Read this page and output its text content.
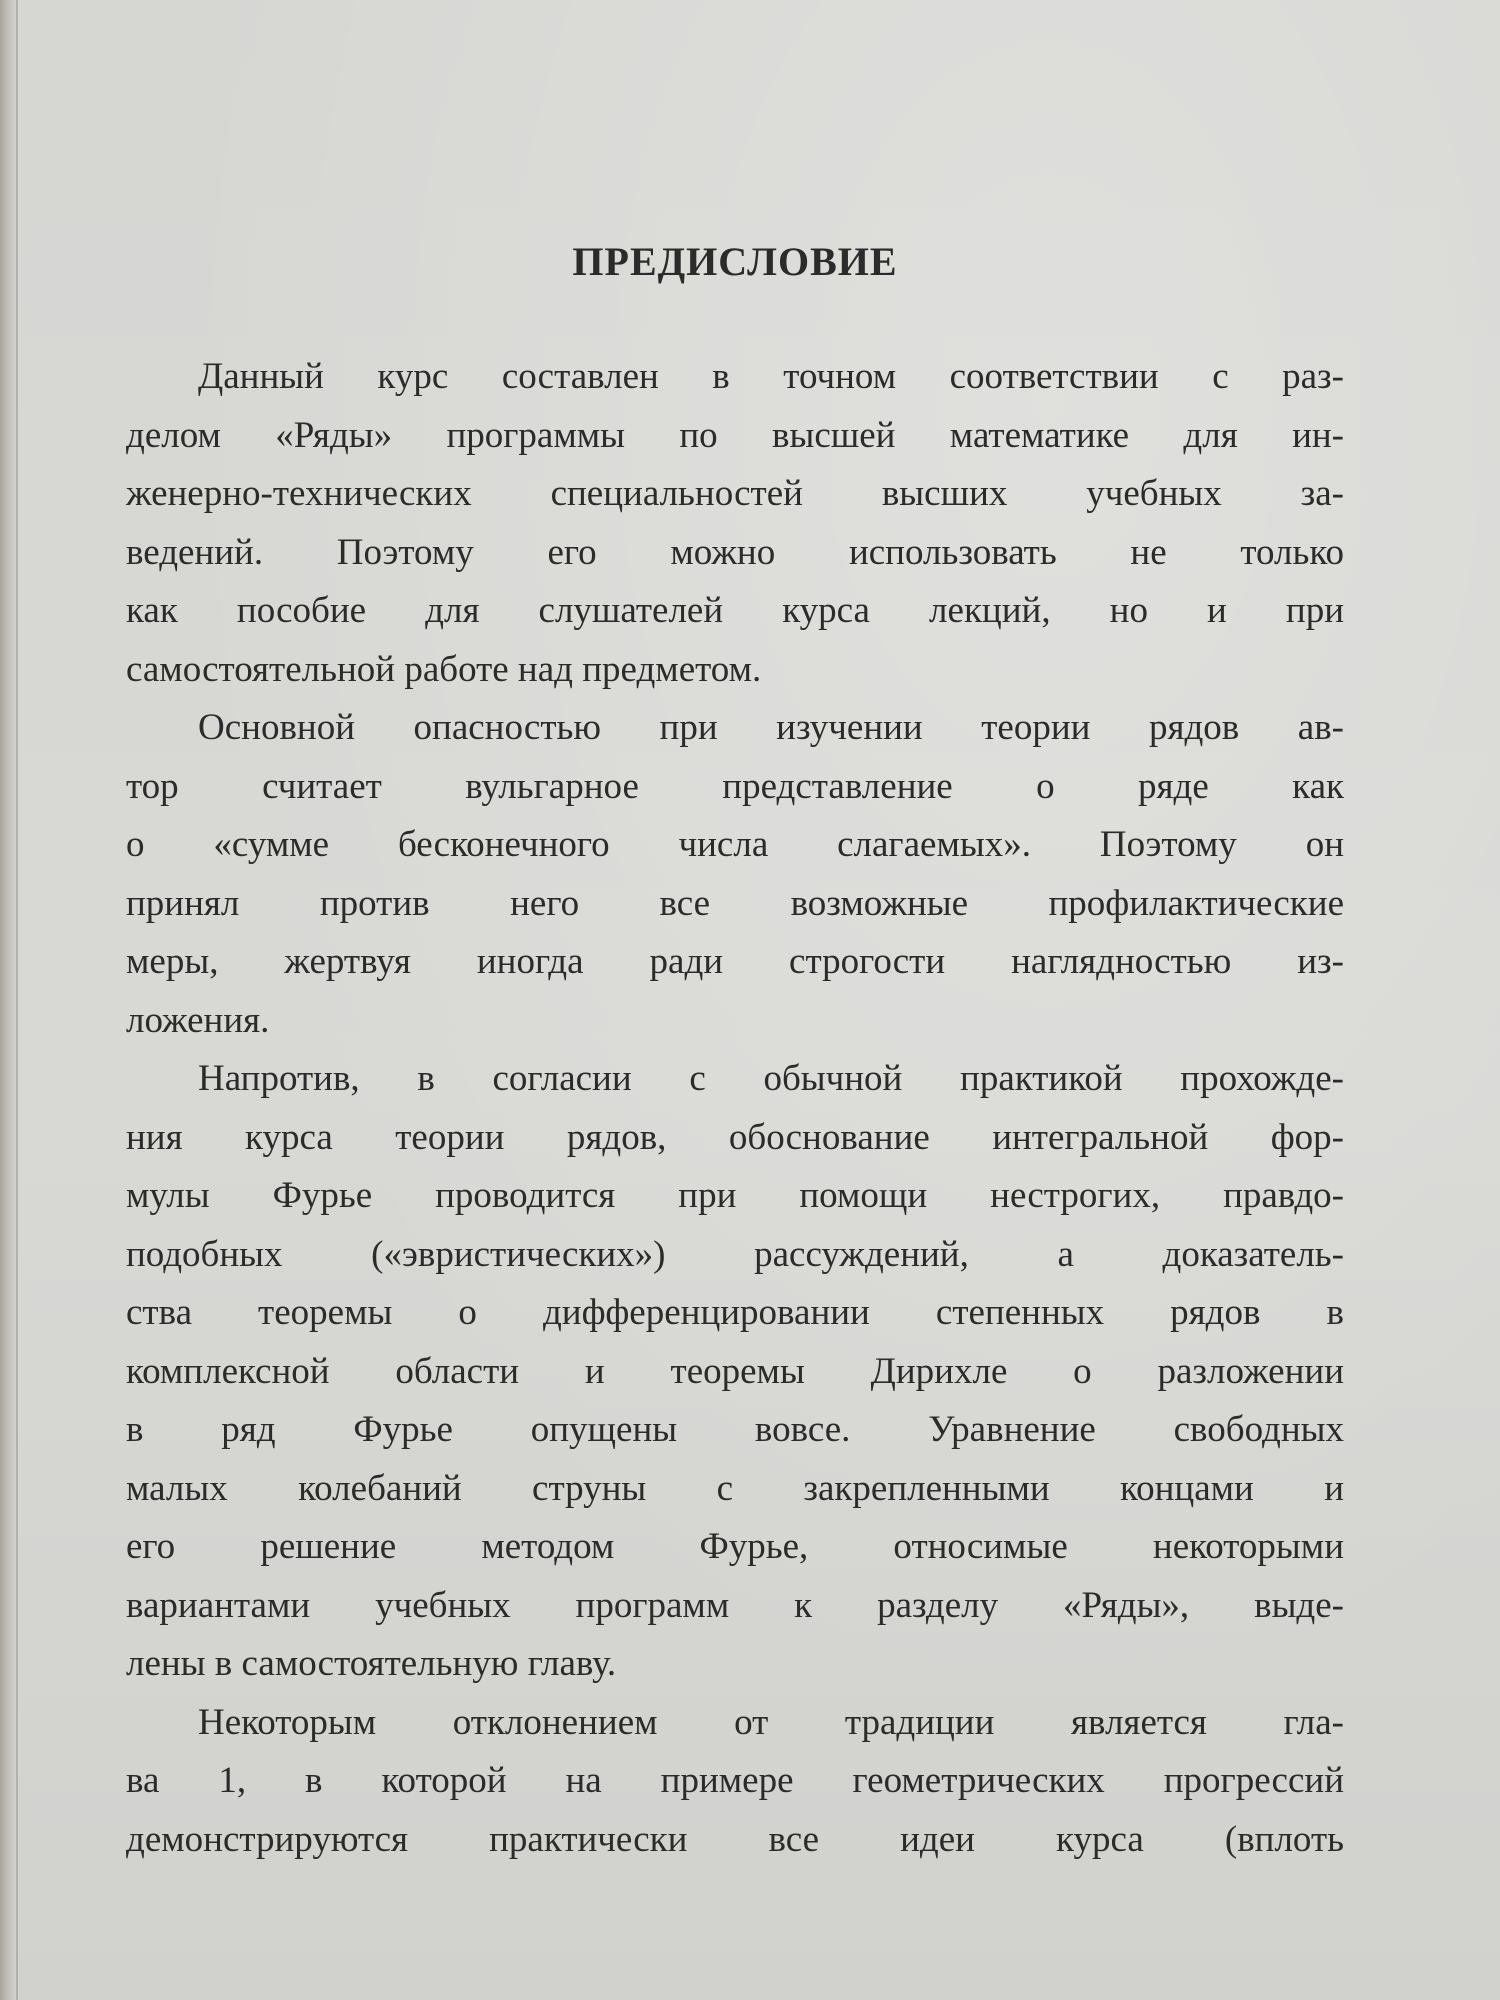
ПРЕДИСЛОВИЕ

Данный курс составлен в точном соответствии с раз-
делом «Ряды» программы по высшей математике для ин-
женерно-технических специальностей высших учебных за-
ведений. Поэтому его можно использовать не только
как пособие для слушателей курса лекций, но и при
самостоятельной работе над предметом.

Основной опасностью при изучении теории рядов ав-
тор считает вульгарное представление о ряде как
о «сумме бесконечного числа слагаемых». Поэтому он
принял против него все возможные профилактические
меры, жертвуя иногда ради строгости наглядностью из-
ложения.

Напротив, в согласии с обычной практикой прохожде-
ния курса теории рядов, обоснование интегральной фор-
мулы Фурье проводится при помощи нестрогих, правдо-
подобных («эвристических») рассуждений, а доказатель-
ства теоремы о дифференцировании степенных рядов в
комплексной области и теоремы Дирихле о разложении
в ряд Фурье опущены вовсе. Уравнение свободных
малых колебаний струны с закрепленными концами и
его решение методом Фурье, относимые некоторыми
вариантами учебных программ к разделу «Ряды», выде-
лены в самостоятельную главу.

Некоторым отклонением от традиции является гла-
ва 1, в которой на примере геометрических прогрессий
демонстрируются практически все идеи курса (вплоть
